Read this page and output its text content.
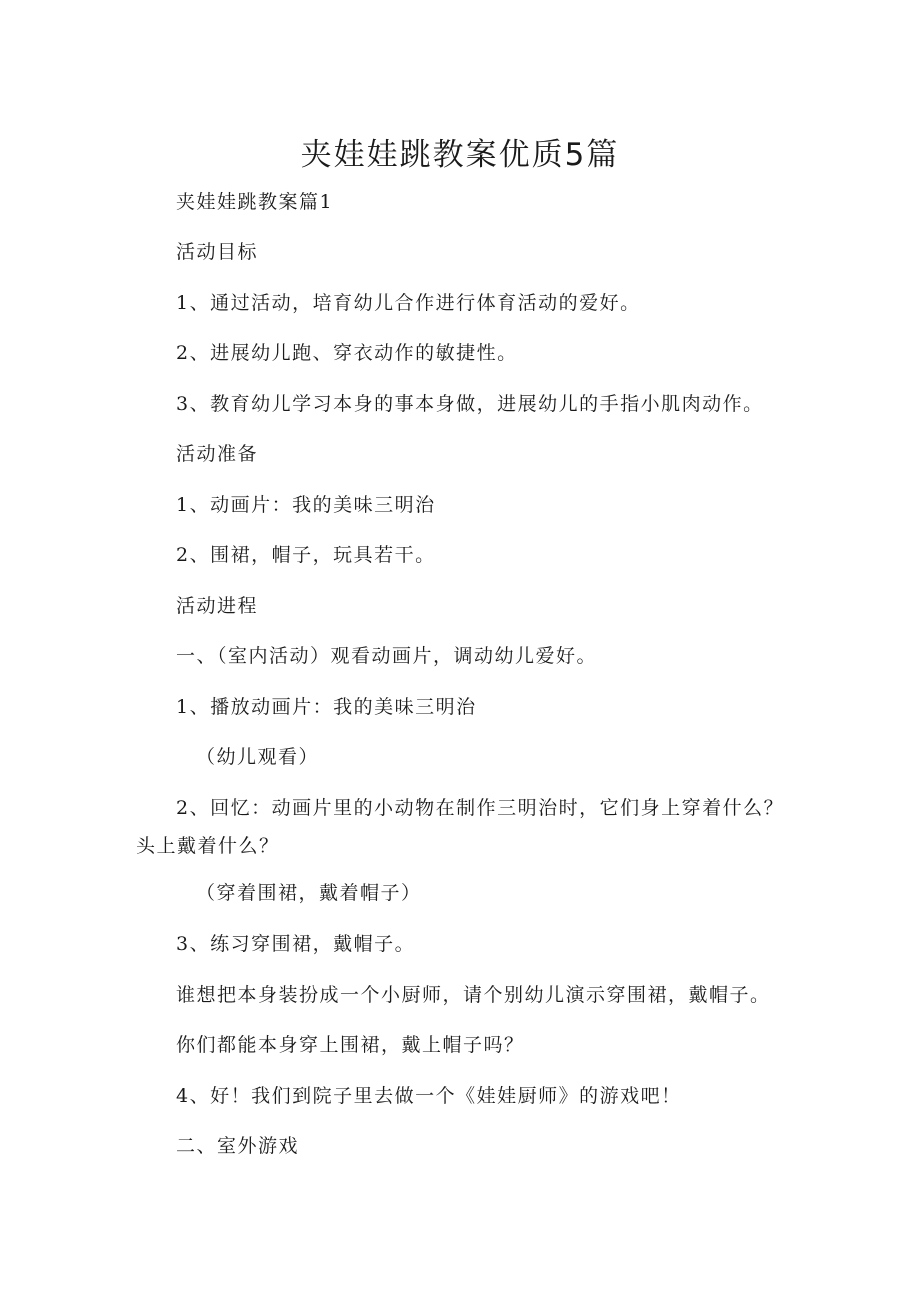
夹娃娃跳教案优质5篇
夹娃娃跳教案篇1
活动目标
1、通过活动，培育幼儿合作进行体育活动的爱好。
2、进展幼儿跑、穿衣动作的敏捷性。
3、教育幼儿学习本身的事本身做，进展幼儿的手指小肌肉动作。
活动准备
1、动画片：我的美味三明治
2、围裙，帽子，玩具若干。
活动进程
一、（室内活动）观看动画片，调动幼儿爱好。
1、播放动画片：我的美味三明治
（幼儿观看）
2、回忆：动画片里的小动物在制作三明治时，它们身上穿着什么？头上戴着什么？
（穿着围裙，戴着帽子）
3、练习穿围裙，戴帽子。
谁想把本身装扮成一个小厨师，请个别幼儿演示穿围裙，戴帽子。
你们都能本身穿上围裙，戴上帽子吗？
4、好！我们到院子里去做一个《娃娃厨师》的游戏吧！
二、室外游戏
